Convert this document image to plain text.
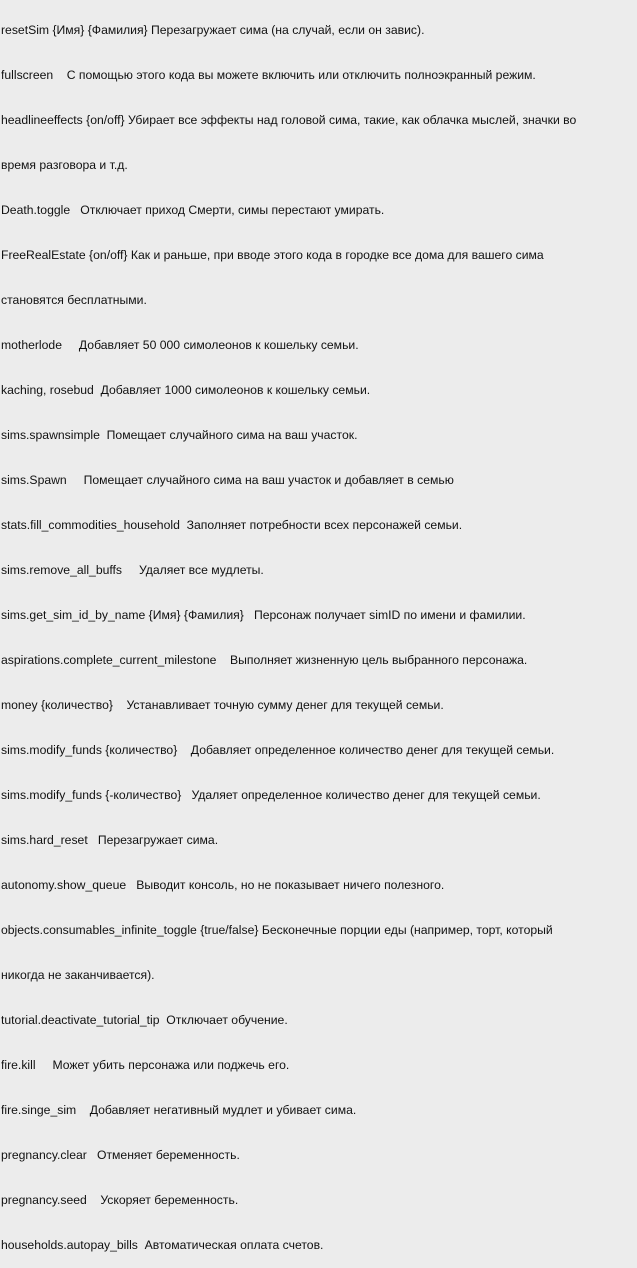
resetSim {Имя} {Фамилия} Перезагружает сима (на случай, если он завис).

fullscreen    С помощью этого кода вы можете включить или отключить полноэкранный режим.

headlineeffects {on/off} Убирает все эффекты над головой сима, такие, как облачка мыслей, значки во

время разговора и т.д.

Death.toggle   Отключает приход Смерти, симы перестают умирать.

FreeRealEstate {on/off} Как и раньше, при вводе этого кода в городке все дома для вашего сима

становятся бесплатными.

motherlode     Добавляет 50 000 симолеонов к кошельку семьи.

kaching, rosebud  Добавляет 1000 симолеонов к кошельку семьи.

sims.spawnsimple  Помещает случайного сима на ваш участок.

sims.Spawn     Помещает случайного сима на ваш участок и добавляет в семью

stats.fill_commodities_household  Заполняет потребности всех персонажей семьи.

sims.remove_all_buffs     Удаляет все мудлеты.

sims.get_sim_id_by_name {Имя} {Фамилия}   Персонаж получает simID по имени и фамилии.

aspirations.complete_current_milestone    Выполняет жизненную цель выбранного персонажа.

money {количество}    Устанавливает точную сумму денег для текущей семьи.

sims.modify_funds {количество}    Добавляет определенное количество денег для текущей семьи.

sims.modify_funds {-количество}   Удаляет определенное количество денег для текущей семьи.

sims.hard_reset   Перезагружает сима.

autonomy.show_queue   Выводит консоль, но не показывает ничего полезного.

objects.consumables_infinite_toggle {true/false} Бесконечные порции еды (например, торт, который

никогда не заканчивается).

tutorial.deactivate_tutorial_tip  Отключает обучение.

fire.kill     Может убить персонажа или поджечь его.

fire.singe_sim    Добавляет негативный мудлет и убивает сима.

pregnancy.clear   Отменяет беременность.

pregnancy.seed    Ускоряет беременность.

households.autopay_bills  Автоматическая оплата счетов.
